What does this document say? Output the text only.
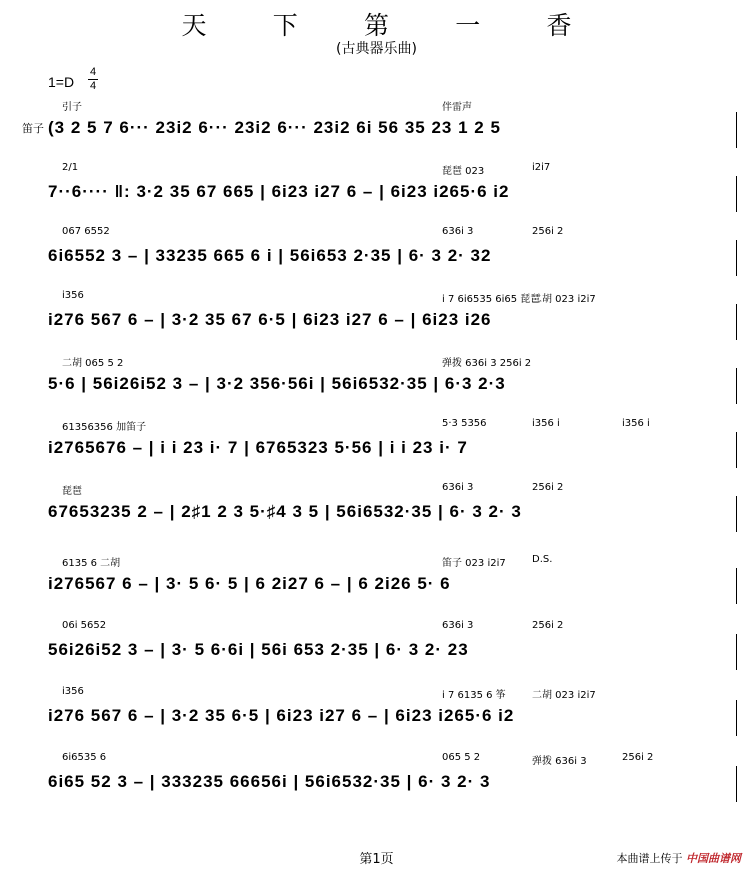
天 下 第 一 香
(古典器乐曲)
1=D
4
4
笛子
引子	伴雷声
(3 2 5 7 6··· 23i2 6··· 23i2 6··· 23i2 6i 56 35 23 1 2 5
2/1	琵琶 023	i2i7
7··6···· ‖: 3·2 35 67 665 | 6i23 i27 6 – | 6i23 i265·6 i2
067 6552	636i 3	256i 2
6i6552 3 – | 33235 665 6 i | 56i653 2·35 | 6· 3 2· 32
i356	i 7 6i6535 6i65 琵琶
二胡 023 i2i7
i276 567 6 – | 3·2 35 67 6·5 | 6i23 i27 6 – | 6i23 i26
二胡 065 5 2	弹拨 636i 3 256i 2
5·6 | 56i26i52 3 – | 3·2 356·56i | 56i6532·35 | 6·3 2·3
61356356 加笛子	5·3 5356	i356 i	i356 i
i2765676 – | i i 23 i· 7 | 6765323 5·56 | i i 23 i· 7
琵琶	636i 3	256i 2
67653235 2 – | 2♯1 2 3 5·♯4 3 5 | 56i6532·35 | 6· 3 2· 3
6135 6 二胡	笛子 023 i2i7	D.S.
i276567 6 – | 3· 5 6· 5 | 6 2i27 6 – | 6 2i26 5· 6
06i 5652	636i 3	256i 2
56i26i52 3 – | 3· 5 6·6i | 56i 653 2·35 | 6· 3 2· 23
i356	i 7 6135 6 筝	二胡 023 i2i7
i276 567 6 – | 3·2 35 6·5 | 6i23 i27 6 – | 6i23 i265·6 i2
6i6535 6	065 5 2	弹拨 636i 3	256i 2
6i65 52 3 – | 333235 66656i | 56i6532·35 | 6· 3 2· 3
第1页	本曲谱上传于 中国曲谱网
